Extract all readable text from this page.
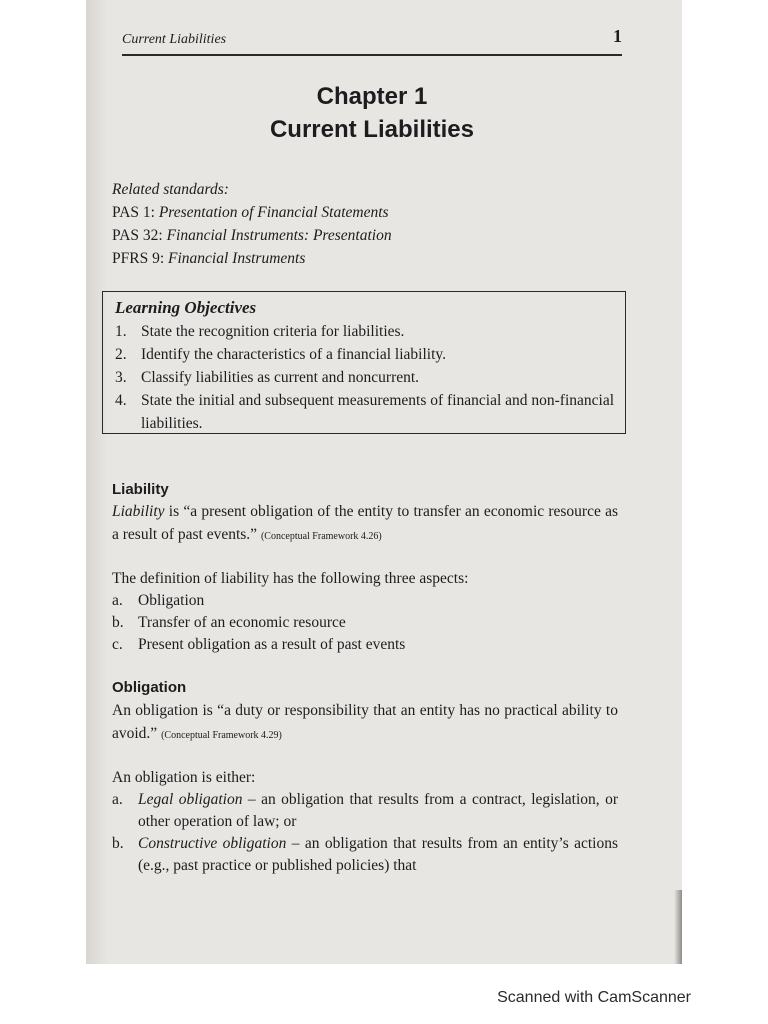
Current Liabilities	1
Chapter 1
Current Liabilities
Related standards:
PAS 1: Presentation of Financial Statements
PAS 32: Financial Instruments: Presentation
PFRS 9: Financial Instruments
Learning Objectives
1. State the recognition criteria for liabilities.
2. Identify the characteristics of a financial liability.
3. Classify liabilities as current and noncurrent.
4. State the initial and subsequent measurements of financial and non-financial liabilities.
Liability
Liability is “a present obligation of the entity to transfer an economic resource as a result of past events.” (Conceptual Framework 4.26)
The definition of liability has the following three aspects:
a. Obligation
b. Transfer of an economic resource
c. Present obligation as a result of past events
Obligation
An obligation is “a duty or responsibility that an entity has no practical ability to avoid.” (Conceptual Framework 4.29)
An obligation is either:
a. Legal obligation – an obligation that results from a contract, legislation, or other operation of law; or
b. Constructive obligation – an obligation that results from an entity’s actions (e.g., past practice or published policies) that
Scanned with CamScanner
